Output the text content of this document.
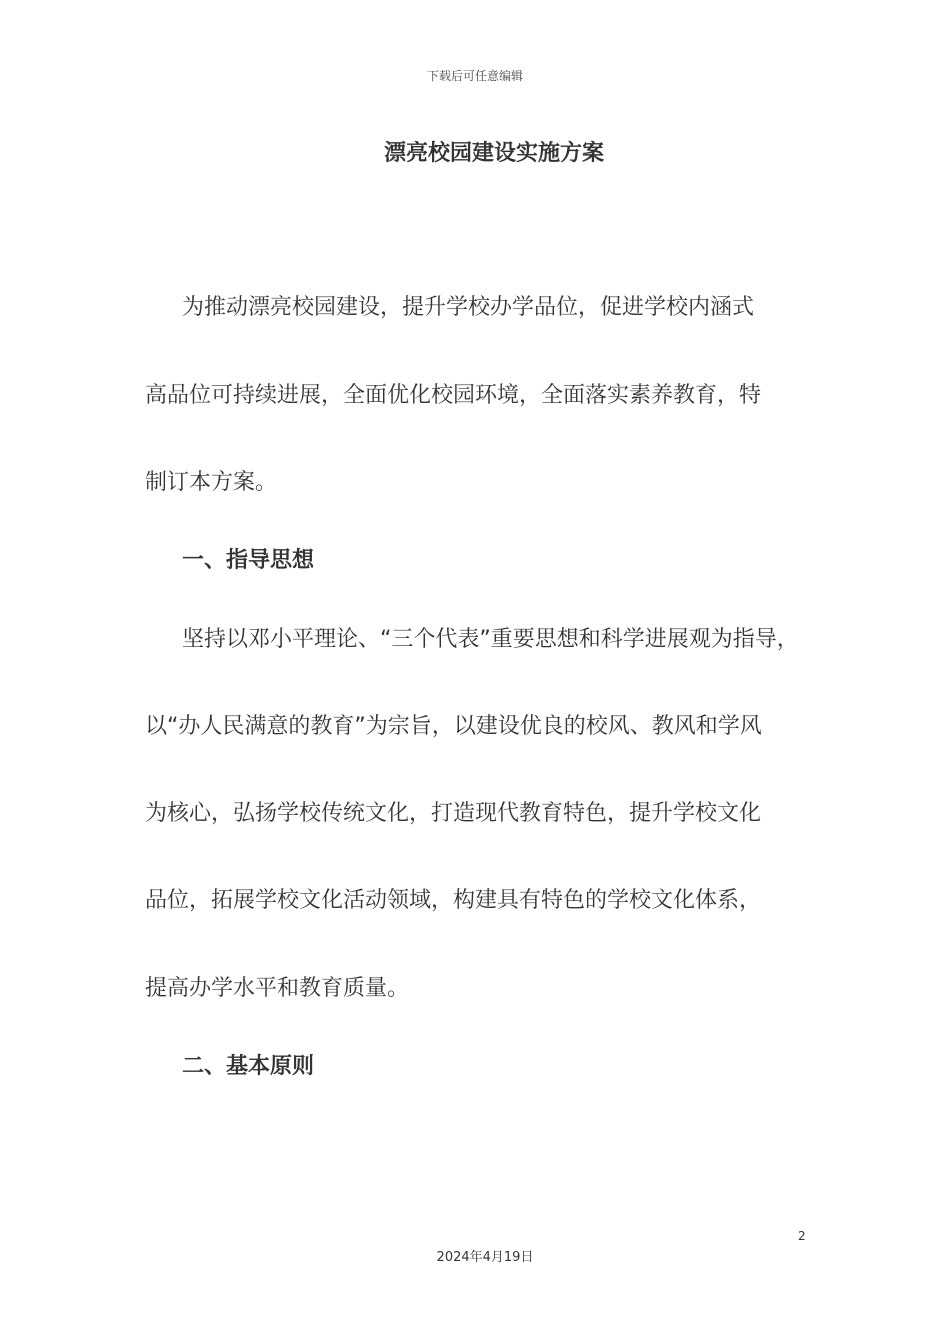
下载后可任意编辑
漂亮校园建设实施方案
为推动漂亮校园建设，提升学校办学品位，促进学校内涵式
高品位可持续进展，全面优化校园环境，全面落实素养教育，特
制订本方案。
一、指导思想
坚持以邓小平理论、“三个代表”重要思想和科学进展观为指导，
以“办人民满意的教育”为宗旨，以建设优良的校风、教风和学风
为核心，弘扬学校传统文化，打造现代教育特色，提升学校文化
品位，拓展学校文化活动领域，构建具有特色的学校文化体系，
提高办学水平和教育质量。
二、基本原则
2
2024年4月19日
